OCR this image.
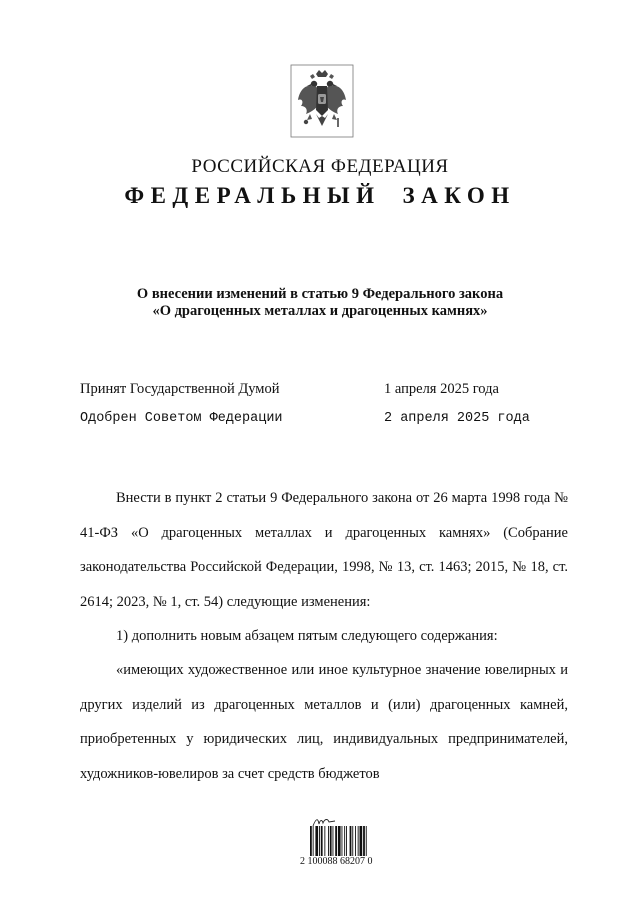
РОССИЙСКАЯ ФЕДЕРАЦИЯ
ФЕДЕРАЛЬНЫЙ ЗАКОН
О внесении изменений в статью 9 Федерального закона
«О драгоценных металлах и драгоценных камнях»
Принят Государственной Думой	1 апреля 2025 года
Одобрен Советом Федерации	2 апреля 2025 года

Внести в пункт 2 статьи 9 Федерального закона от 26 марта 1998 года № 41-ФЗ «О драгоценных металлах и драгоценных камнях» (Собрание законодательства Российской Федерации, 1998, № 13, ст. 1463; 2015, № 18, ст. 2614; 2023, № 1, ст. 54) следующие изменения:

1) дополнить новым абзацем пятым следующего содержания:

«имеющих художественное или иное культурное значение ювелирных и других изделий из драгоценных металлов и (или) драгоценных камней, приобретенных у юридических лиц, индивидуальных предпринимателей, художников-ювелиров за счет средств бюджетов

2 100088 68207 0
